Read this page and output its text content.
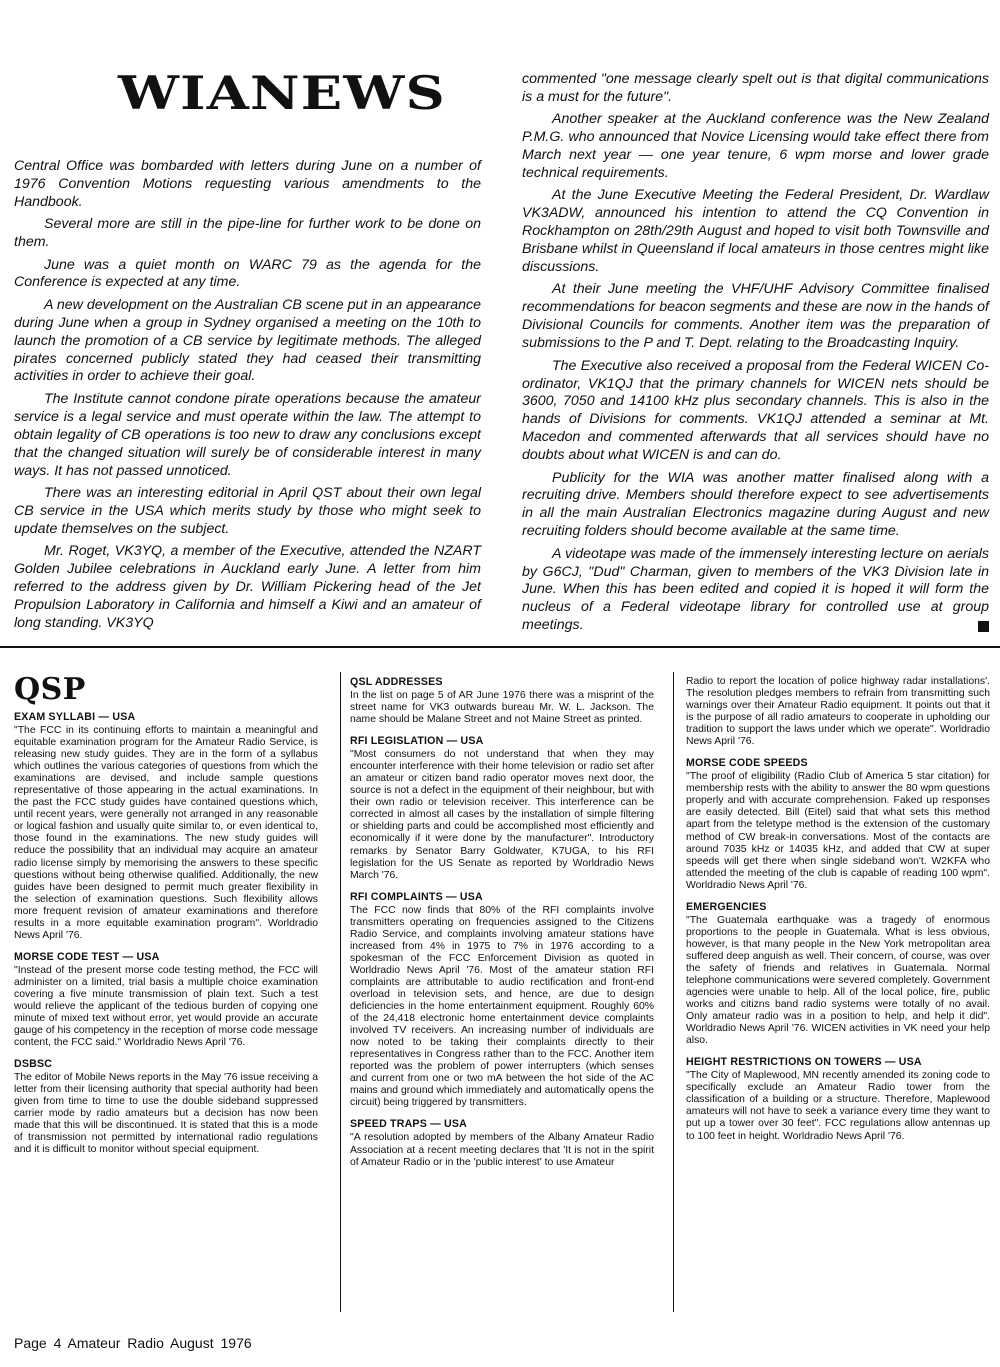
WIANEWS

Central Office was bombarded with letters during June on a number of 1976 Convention Motions requesting various amendments to the Handbook.

Several more are still in the pipe-line for further work to be done on them.

June was a quiet month on WARC 79 as the agenda for the Conference is expected at any time.

A new development on the Australian CB scene put in an appearance during June when a group in Sydney organised a meeting on the 10th to launch the promotion of a CB service by legitimate methods. The alleged pirates concerned publicly stated they had ceased their transmitting activities in order to achieve their goal.

The Institute cannot condone pirate operations because the amateur service is a legal service and must operate within the law. The attempt to obtain legality of CB operations is too new to draw any conclusions except that the changed situation will surely be of considerable interest in many ways. It has not passed unnoticed.

There was an interesting editorial in April QST about their own legal CB service in the USA which merits study by those who might seek to update themselves on the subject.

Mr. Roget, VK3YQ, a member of the Executive, attended the NZART Golden Jubilee celebrations in Auckland early June. A letter from him referred to the address given by Dr. William Pickering head of the Jet Propulsion Laboratory in California and himself a Kiwi and an amateur of long standing. VK3YQ

commented "one message clearly spelt out is that digital communications is a must for the future".

Another speaker at the Auckland conference was the New Zealand P.M.G. who announced that Novice Licensing would take effect there from March next year — one year tenure, 6 wpm morse and lower grade technical requirements.

At the June Executive Meeting the Federal President, Dr. Wardlaw VK3ADW, announced his intention to attend the CQ Convention in Rockhampton on 28th/29th August and hoped to visit both Townsville and Brisbane whilst in Queensland if local amateurs in those centres might like discussions.

At their June meeting the VHF/UHF Advisory Committee finalised recommendations for beacon segments and these are now in the hands of Divisional Councils for comments. Another item was the preparation of submissions to the P and T. Dept. relating to the Broadcasting Inquiry.

The Executive also received a proposal from the Federal WICEN Co-ordinator, VK1QJ that the primary channels for WICEN nets should be 3600, 7050 and 14100 kHz plus secondary channels. This is also in the hands of Divisions for comments. VK1QJ attended a seminar at Mt. Macedon and commented afterwards that all services should have no doubts about what WICEN is and can do.

Publicity for the WIA was another matter finalised along with a recruiting drive. Members should therefore expect to see advertisements in all the main Australian Electronics magazine during August and new recruiting folders should become available at the same time.

A videotape was made of the immensely interesting lecture on aerials by G6CJ, "Dud" Charman, given to members of the VK3 Division late in June. When this has been edited and copied it is hoped it will form the nucleus of a Federal videotape library for controlled use at group meetings.

QSP
EXAM SYLLABI — USA

"The FCC in its continuing efforts to maintain a meaningful and equitable examination program for the Amateur Radio Service, is releasing new study guides. They are in the form of a syllabus which outlines the various categories of questions from which the examinations are devised, and include sample questions representative of those appearing in the actual examinations. In the past the FCC study guides have contained questions which, until recent years, were generally not arranged in any reasonable or logical fashion and usually quite similar to, or even identical to, those found in the examinations. The new study guides will reduce the possibility that an individual may acquire an amateur radio license simply by memorising the answers to these specific questions without being otherwise qualified. Additionally, the new guides have been designed to permit much greater flexibility in the selection of examination questions. Such flexibility allows more frequent revision of amateur examinations and therefore results in a more equitable examination program". Worldradio News April '76.

MORSE CODE TEST — USA

"Instead of the present morse code testing method, the FCC will administer on a limited, trial basis a multiple choice examination covering a five minute transmission of plain text. Such a test would relieve the applicant of the tedious burden of copying one minute of mixed text without error, yet would provide an accurate gauge of his competency in the reception of morse code message content, the FCC said." Worldradio News April '76.

DSBSC

The editor of Mobile News reports in the May '76 issue receiving a letter from their licensing authority that special authority had been given from time to time to use the double sideband suppressed carrier mode by radio amateurs but a decision has now been made that this will be discontinued. It is stated that this is a mode of transmission not permitted by international radio regulations and it is difficult to monitor without special equipment.

QSL ADDRESSES

In the list on page 5 of AR June 1976 there was a misprint of the street name for VK3 outwards bureau Mr. W. L. Jackson. The name should be Malane Street and not Maine Street as printed.

RFI LEGISLATION — USA

"Most consumers do not understand that when they may encounter interference with their home television or radio set after an amateur or citizen band radio operator moves next door, the source is not a defect in the equipment of their neighbour, but with their own radio or television receiver. This interference can be corrected in almost all cases by the installation of simple filtering or shielding parts and could be accomplished most efficiently and economically if it were done by the manufacturer". Introductory remarks by Senator Barry Goldwater, K7UGA, to his RFI legislation for the US Senate as reported by Worldradio News March '76.

RFI COMPLAINTS — USA

The FCC now finds that 80% of the RFI complaints involve transmitters operating on frequencies assigned to the Citizens Radio Service, and complaints involving amateur stations have increased from 4% in 1975 to 7% in 1976 according to a spokesman of the FCC Enforcement Division as quoted in Worldradio News April '76. Most of the amateur station RFI complaints are attributable to audio rectification and front-end overload in television sets, and hence, are due to design deficiencies in the home entertainment equipment. Roughly 60% of the 24,418 electronic home entertainment device complaints involved TV receivers. An increasing number of individuals are now noted to be taking their complaints directly to their representatives in Congress rather than to the FCC. Another item reported was the problem of power interrupters (which senses and current from one or two mA between the hot side of the AC mains and ground which immediately and automatically opens the circuit) being triggered by transmitters.

SPEED TRAPS — USA

"A resolution adopted by members of the Albany Amateur Radio Association at a recent meeting declares that 'It is not in the spirit of Amateur Radio or in the 'public interest' to use Amateur

Radio to report the location of police highway radar installations'. The resolution pledges members to refrain from transmitting such warnings over their Amateur Radio equipment. It points out that it is the purpose of all radio amateurs to cooperate in upholding our tradition to support the laws under which we operate". Worldradio News April '76.

MORSE CODE SPEEDS

"The proof of eligibility (Radio Club of America 5 star citation) for membership rests with the ability to answer the 80 wpm questions properly and with accurate comprehension. Faked up responses are easily detected. Bill (Eitel) said that what sets this method apart from the teletype method is the extension of the customary method of CW break-in conversations. Most of the contacts are around 7035 kHz or 14035 kHz, and added that CW at super speeds will get there when single sideband won't. W2KFA who attended the meeting of the club is capable of reading 100 wpm". Worldradio News April '76.

EMERGENCIES

"The Guatemala earthquake was a tragedy of enormous proportions to the people in Guatemala. What is less obvious, however, is that many people in the New York metropolitan area suffered deep anguish as well. Their concern, of course, was over the safety of friends and relatives in Guatemala. Normal telephone communications were severed completely. Government agencies were unable to help. All of the local police, fire, public works and citizns band radio systems were totally of no avail. Only amateur radio was in a position to help, and help it did". Worldradio News April '76. WICEN activities in VK need your help also.

HEIGHT RESTRICTIONS ON TOWERS — USA

"The City of Maplewood, MN recently amended its zoning code to specifically exclude an Amateur Radio tower from the classification of a building or a structure. Therefore, Maplewood amateurs will not have to seek a variance every time they want to put up a tower over 30 feet". FCC regulations allow antennas up to 100 feet in height. Worldradio News April '76.

Page 4 Amateur Radio August 1976
